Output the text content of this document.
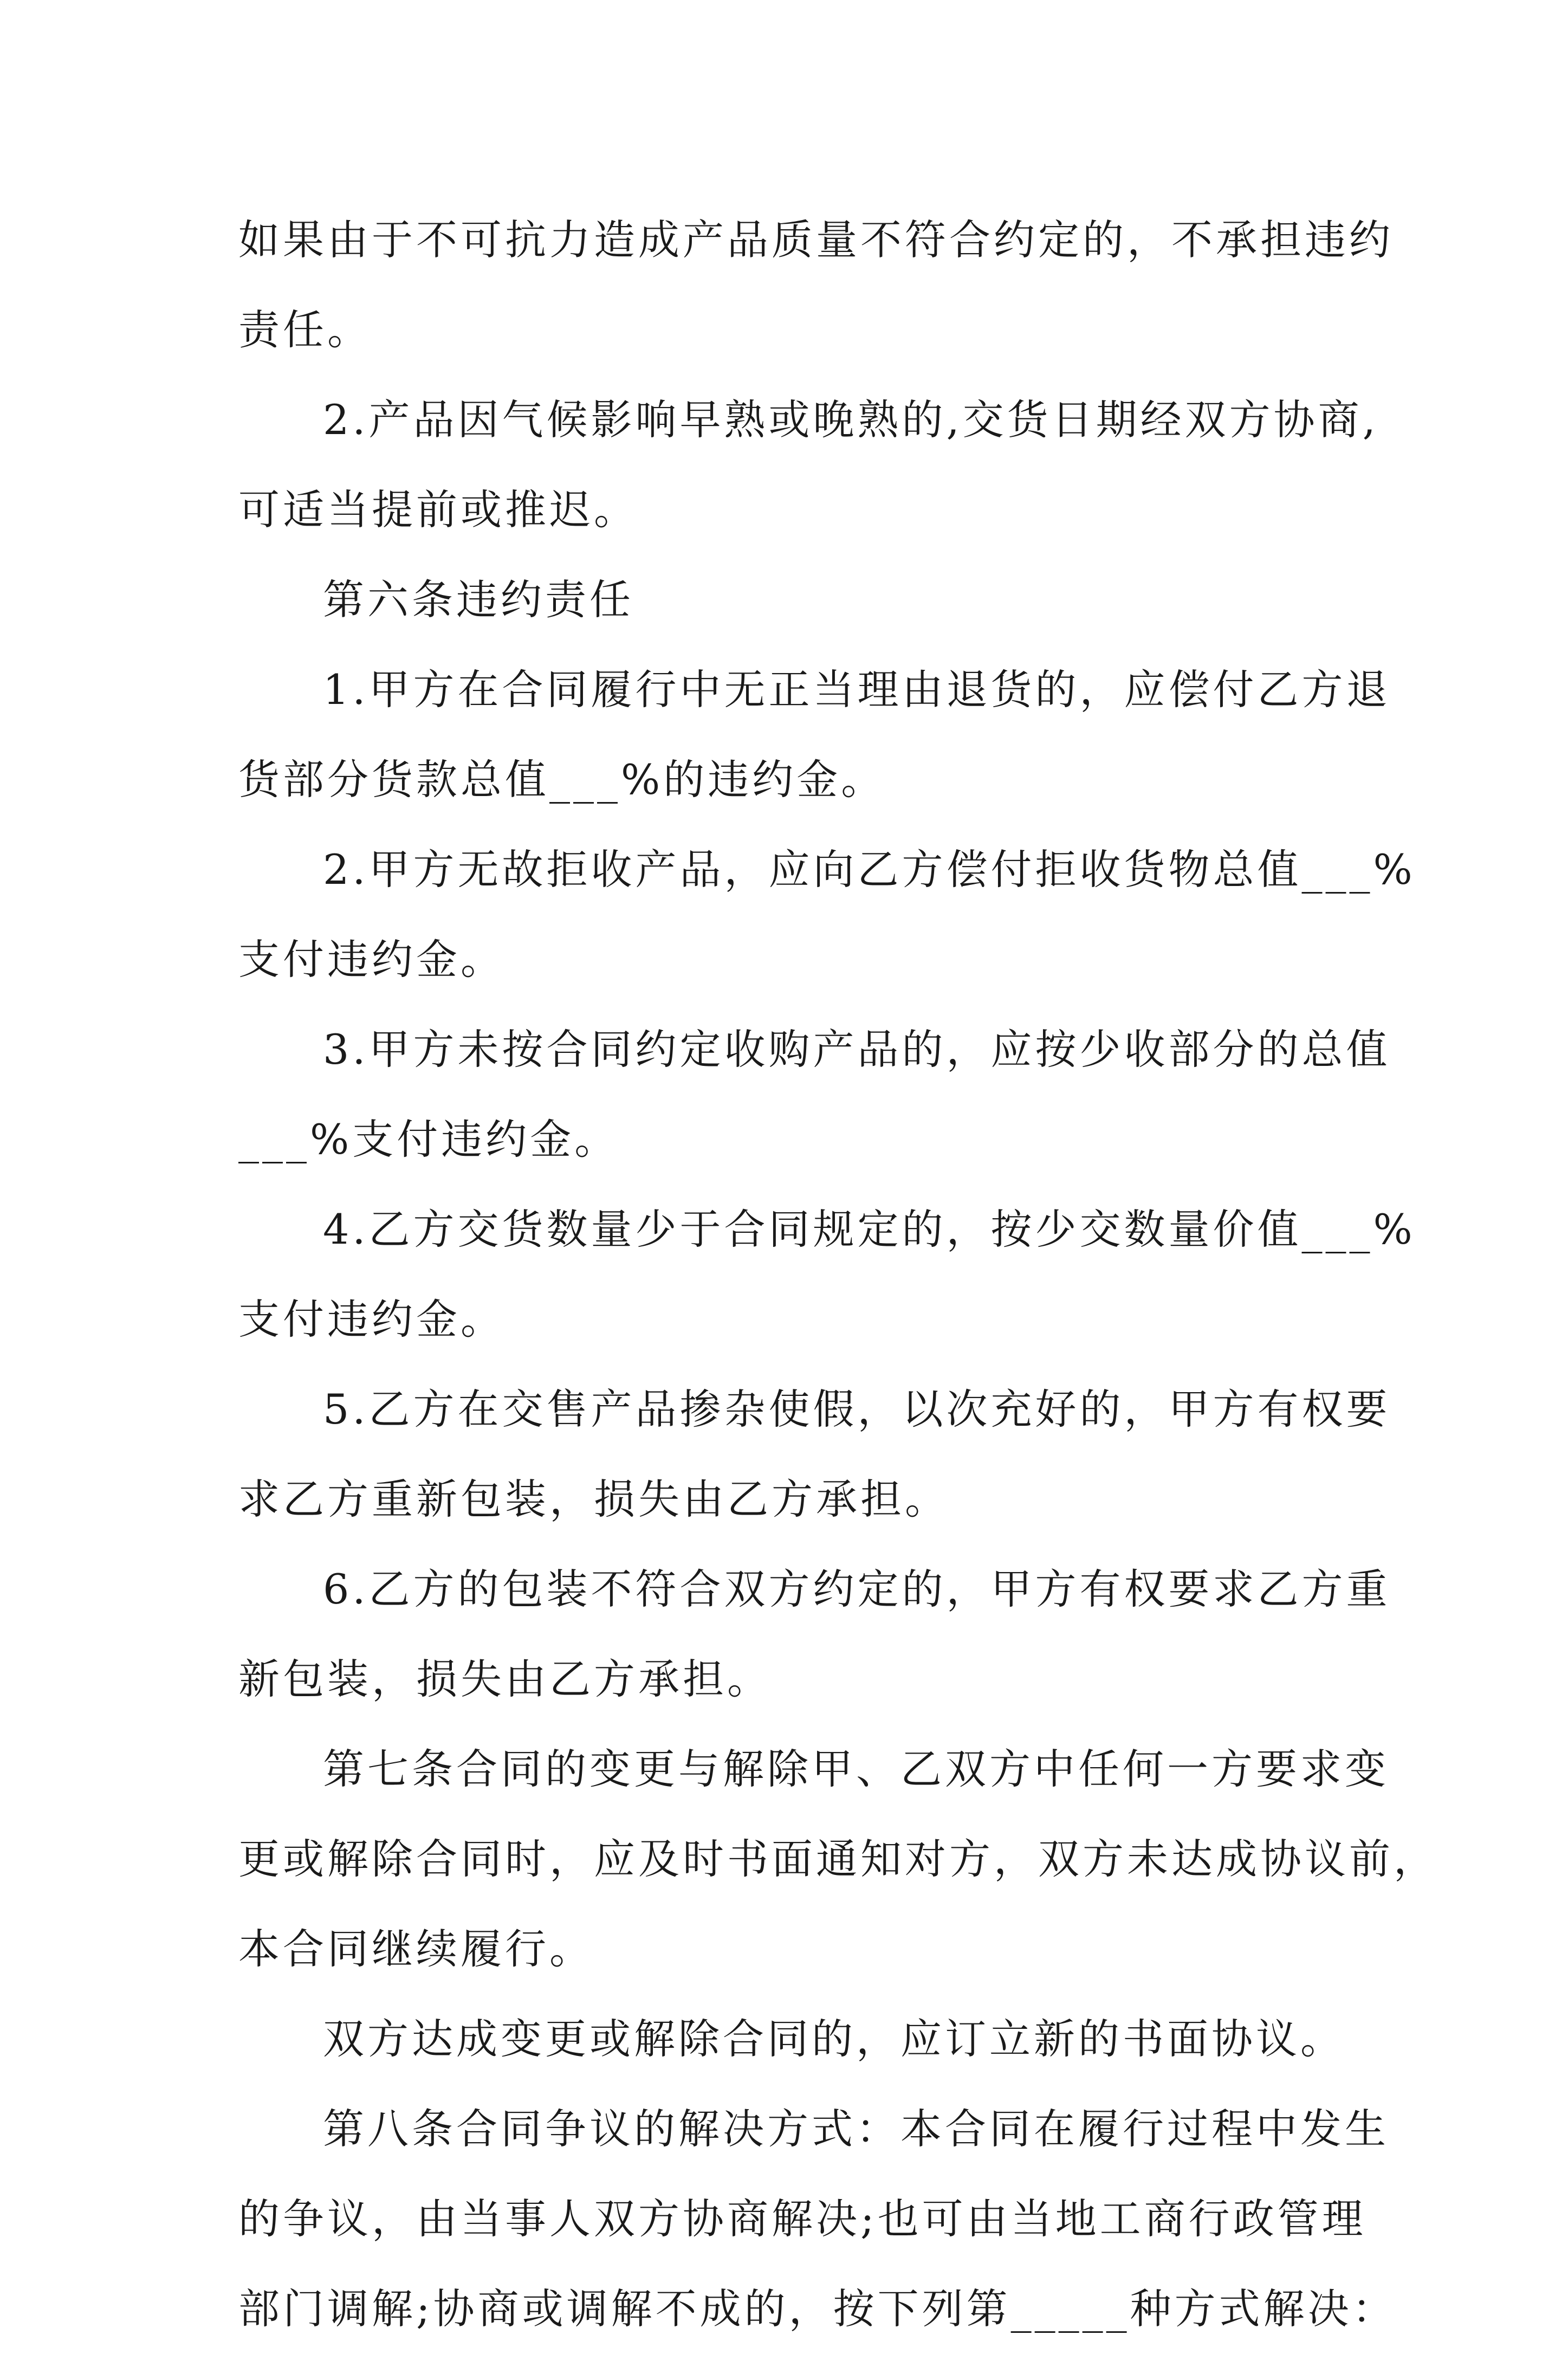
如果由于不可抗力造成产品质量不符合约定的，不承担违约
责任。
2.产品因气候影响早熟或晚熟的,交货日期经双方协商,
可适当提前或推迟。
第六条违约责任
1.甲方在合同履行中无正当理由退货的，应偿付乙方退
货部分货款总值___%的违约金。
2.甲方无故拒收产品，应向乙方偿付拒收货物总值___%
支付违约金。
3.甲方未按合同约定收购产品的，应按少收部分的总值
___%支付违约金。
4.乙方交货数量少于合同规定的，按少交数量价值___%
支付违约金。
5.乙方在交售产品掺杂使假，以次充好的，甲方有权要
求乙方重新包装，损失由乙方承担。
6.乙方的包装不符合双方约定的，甲方有权要求乙方重
新包装，损失由乙方承担。
第七条合同的变更与解除甲、乙双方中任何一方要求变
更或解除合同时，应及时书面通知对方，双方未达成协议前，
本合同继续履行。
双方达成变更或解除合同的，应订立新的书面协议。
第八条合同争议的解决方式：本合同在履行过程中发生
的争议，由当事人双方协商解决;也可由当地工商行政管理
部门调解;协商或调解不成的，按下列第_____种方式解决：
